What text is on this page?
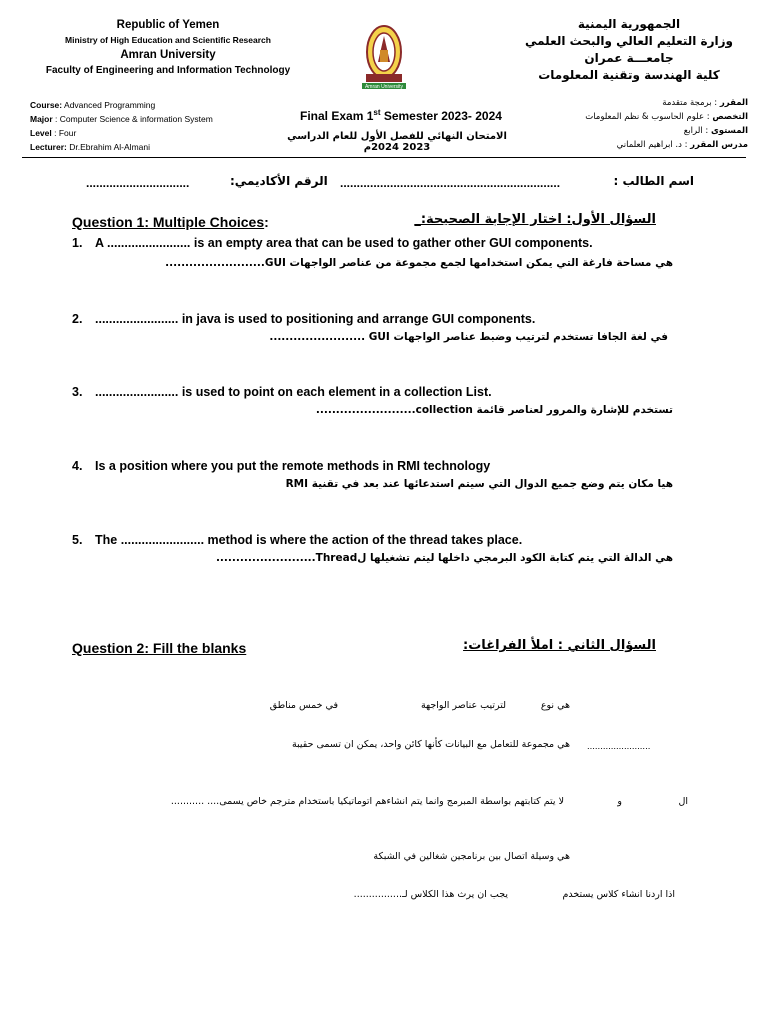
Republic of Yemen
Ministry of High Education and Scientific Research
Amran University
Faculty of Engineering and Information Technology
Amran University
الجمهورية اليمنية
وزارة التعليم العالي والبحث العلمي
جامعـــة عمران
كلية الهندسة وتقنية المعلومات
Course: Advanced Programming
Major : Computer Science & information System
Level : Four
Lecturer: Dr.Ebrahim Al-Almani
Final Exam 1st Semester 2023- 2024
الامتحان النهائي للفصل الأول للعام الدراسي 2023 2024م
المقرر : برمجة متقدمة
التخصص : علوم الحاسوب & نظم المعلومات
المستوى : الرابع
مدرس المقرر : د. ابراهيم العلماني
...............................	الرقم الأكاديمي: ..................................................................	اسم الطالب :
Question 1: Multiple Choices:	السؤال الأول: اختار الإجابة الصحيحة:_
1. A ........................ is an empty area that can be used to gather other GUI components.
هي مساحة فارغة التي يمكن استخدامها لجمع مجموعة من عناصر الواجهات GUI.........................
2. ........................ in java is used to positioning and arrange GUI components.
في لغة الجافا تستخدم لترتيب وضبط عناصر الواجهات GUI ........................
3. ........................ is used to point on each element in a collection List.
تستخدم للإشارة والمرور لعناصر قائمة collection.........................
4. Is a position where you put the remote methods in RMI technology
هيا مكان يتم وضع جميع الدوال التي سيتم استدعائها عند بعد في تقنية RMI
5. The ........................ method is where the action of the thread takes place.
هي الدالة التي يتم كتابة الكود البرمجي داخلها ليتم تشغيلها لThread.........................
Question 2: Fill the blanks	السؤال الثاني : املأ الفراغات:
هي نوع
لترتيب عناصر الواجهة
في خمس مناطق
هي مجموعة للتعامل مع البيانات كأنها كائن واحد، يمكن ان تسمى حقيبة ........................
ال
و
لا يتم كتابتهم بواسطة المبرمج وانما يتم انشاءهم اتوماتيكيا باستخدام مترجم خاص يسمى.... ...........
هي وسيلة اتصال بين برنامجين شغالين في الشبكة
اذا اردنا انشاء كلاس يستخدم
يجب ان يرث هذا الكلاس لـ................
